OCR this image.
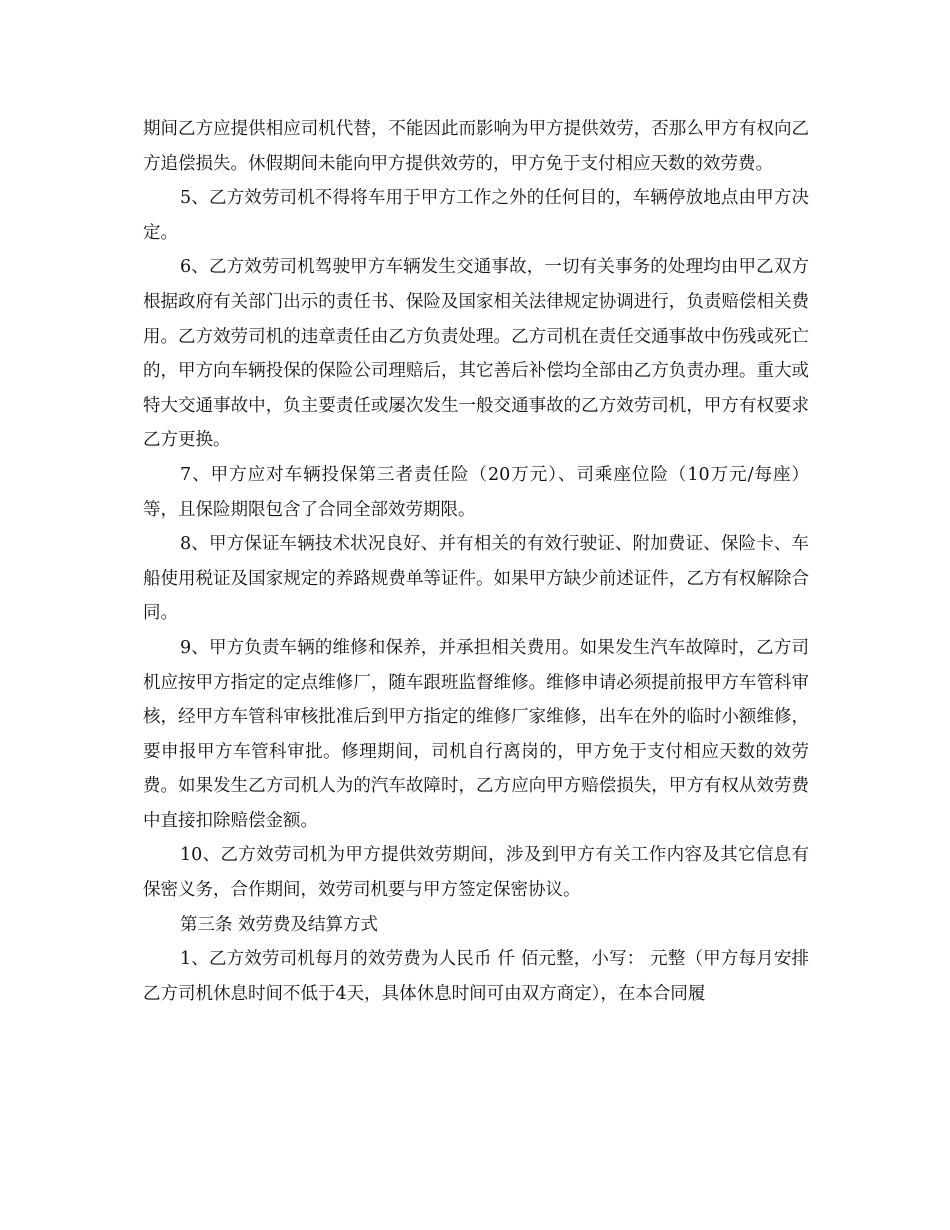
期间乙方应提供相应司机代替，不能因此而影响为甲方提供效劳，否那么甲方有权向乙方追偿损失。休假期间未能向甲方提供效劳的，甲方免于支付相应天数的效劳费。

5、乙方效劳司机不得将车用于甲方工作之外的任何目的，车辆停放地点由甲方决定。

6、乙方效劳司机驾驶甲方车辆发生交通事故，一切有关事务的处理均由甲乙双方根据政府有关部门出示的责任书、保险及国家相关法律规定协调进行，负责赔偿相关费用。乙方效劳司机的违章责任由乙方负责处理。乙方司机在责任交通事故中伤残或死亡的，甲方向车辆投保的保险公司理赔后，其它善后补偿均全部由乙方负责办理。重大或特大交通事故中，负主要责任或屡次发生一般交通事故的乙方效劳司机，甲方有权要求乙方更换。

7、甲方应对车辆投保第三者责任险（20万元）、司乘座位险（10万元/每座）等，且保险期限包含了合同全部效劳期限。

8、甲方保证车辆技术状况良好、并有相关的有效行驶证、附加费证、保险卡、车船使用税证及国家规定的养路规费单等证件。如果甲方缺少前述证件，乙方有权解除合同。

9、甲方负责车辆的维修和保养，并承担相关费用。如果发生汽车故障时，乙方司机应按甲方指定的定点维修厂，随车跟班监督维修。维修申请必须提前报甲方车管科审核，经甲方车管科审核批准后到甲方指定的维修厂家维修，出车在外的临时小额维修，要申报甲方车管科审批。修理期间，司机自行离岗的，甲方免于支付相应天数的效劳费。如果发生乙方司机人为的汽车故障时，乙方应向甲方赔偿损失，甲方有权从效劳费中直接扣除赔偿金额。

10、乙方效劳司机为甲方提供效劳期间，涉及到甲方有关工作内容及其它信息有保密义务，合作期间，效劳司机要与甲方签定保密协议。

第三条 效劳费及结算方式

1、乙方效劳司机每月的效劳费为人民币 仟 佰元整，小写： 元整（甲方每月安排乙方司机休息时间不低于4天，具体休息时间可由双方商定），在本合同履
